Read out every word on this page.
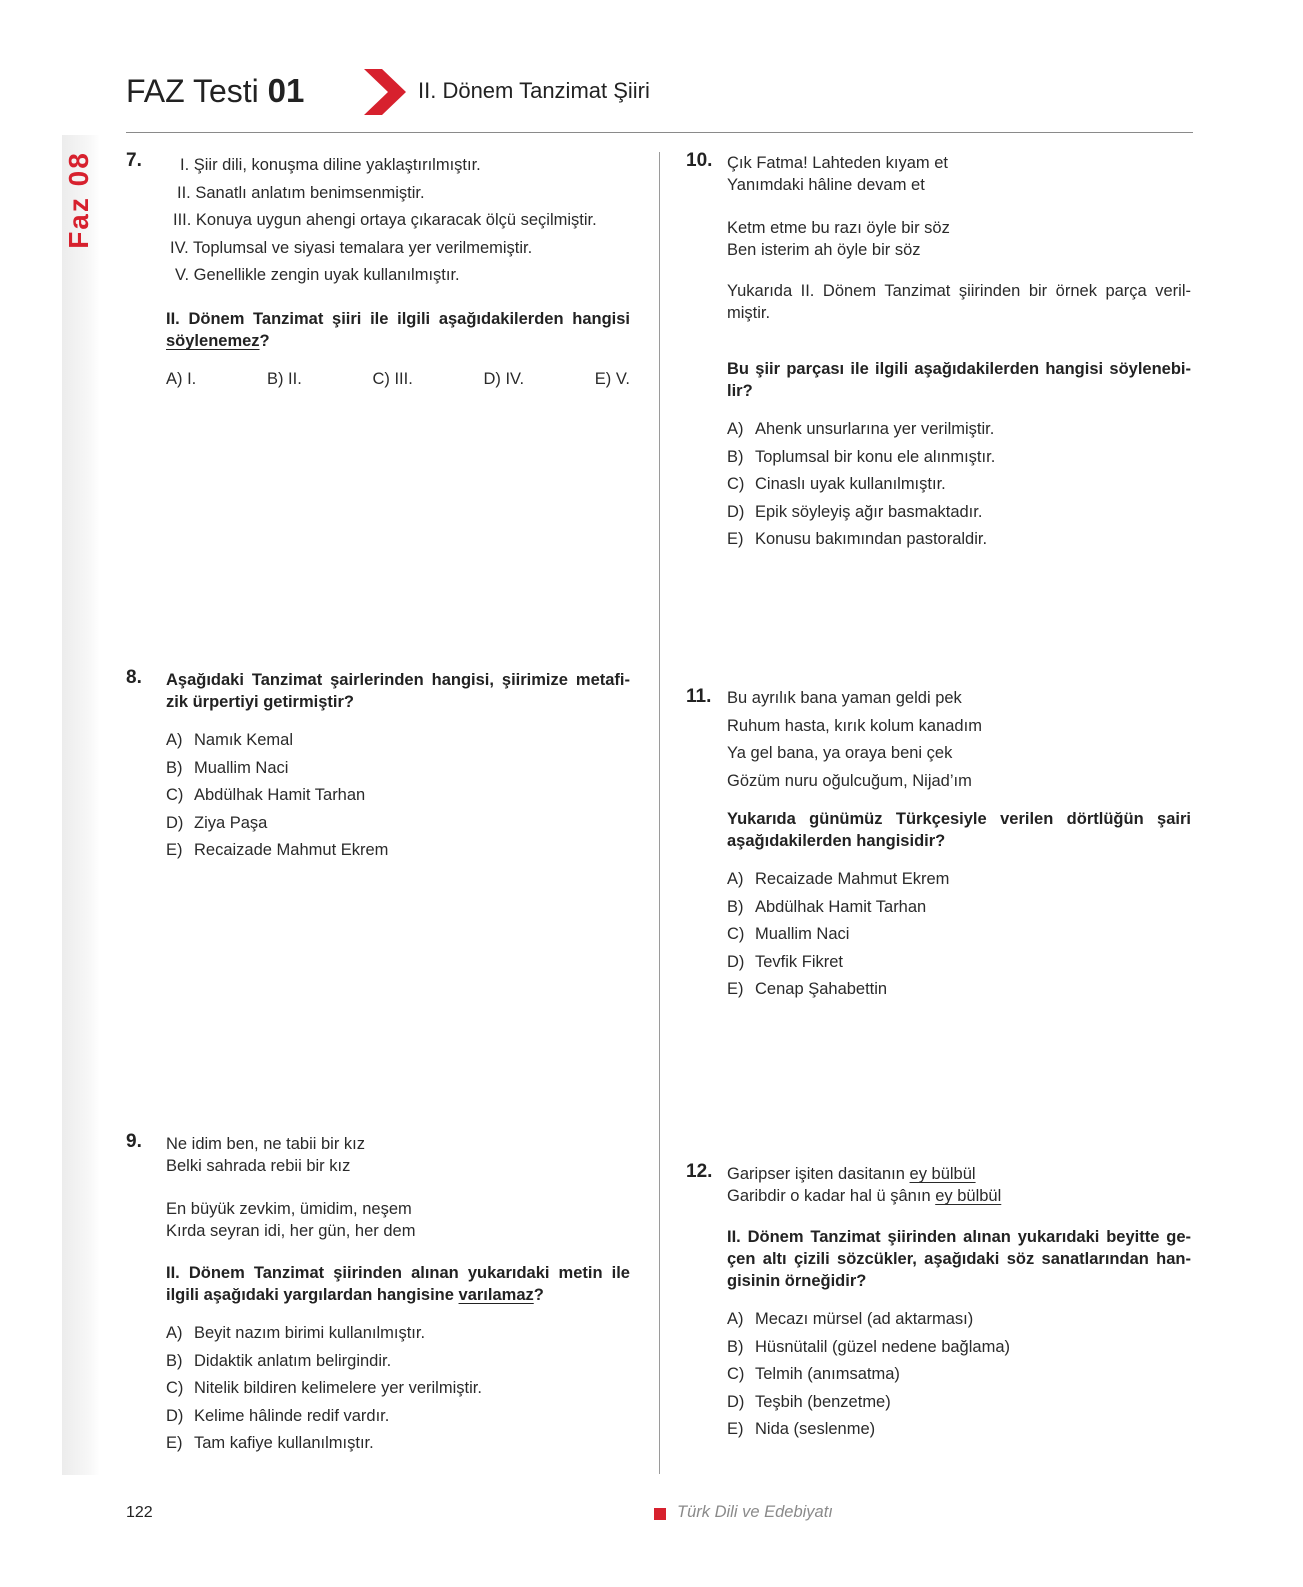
Faz 08
FAZ Testi 01	II. Dönem Tanzimat Şiiri
7.	I. Şiir dili, konuşma diline yaklaştırılmıştır.
II. Sanatlı anlatım benimsenmiştir.
III. Konuya uygun ahengi ortaya çıkaracak ölçü seçilmiştir.
IV. Toplumsal ve siyasi temalara yer verilmemiştir.
V. Genellikle zengin uyak kullanılmıştır.
II. Dönem Tanzimat şiiri ile ilgili aşağıdakilerden hangisi söylenemez?
A) I.	B) II.	C) III.	D) IV.	E) V.
8. Aşağıdaki Tanzimat şairlerinden hangisi, şiirimize metafi- zik ürpertiyi getirmiştir?
A) Namık Kemal
B) Muallim Naci
C) Abdülhak Hamit Tarhan
D) Ziya Paşa
E) Recaizade Mahmut Ekrem
9. Ne idim ben, ne tabii bir kız
Belki sahrada rebii bir kız
En büyük zevkim, ümidim, neşem
Kırda seyran idi, her gün, her dem
II. Dönem Tanzimat şiirinden alınan yukarıdaki metin ile ilgili aşağıdaki yargılardan hangisine varılamaz?
A) Beyit nazım birimi kullanılmıştır.
B) Didaktik anlatım belirgindir.
C) Nitelik bildiren kelimelere yer verilmiştir.
D) Kelime hâlinde redif vardır.
E) Tam kafiye kullanılmıştır.
10. Çık Fatma! Lahteden kıyam et
Yanımdaki hâline devam et
Ketm etme bu razı öyle bir söz
Ben isterim ah öyle bir söz
Yukarıda II. Dönem Tanzimat şiirinden bir örnek parça veril- miştir.
Bu şiir parçası ile ilgili aşağıdakilerden hangisi söylenebi- lir?
A) Ahenk unsurlarına yer verilmiştir.
B) Toplumsal bir konu ele alınmıştır.
C) Cinaslı uyak kullanılmıştır.
D) Epik söyleyiş ağır basmaktadır.
E) Konusu bakımından pastoraldir.
11. Bu ayrılık bana yaman geldi pek
Ruhum hasta, kırık kolum kanadım
Ya gel bana, ya oraya beni çek
Gözüm nuru oğulcuğum, Nijad’ım
Yukarıda günümüz Türkçesiyle verilen dörtlüğün şairi aşağıdakilerden hangisidir?
A) Recaizade Mahmut Ekrem
B) Abdülhak Hamit Tarhan
C) Muallim Naci
D) Tevfik Fikret
E) Cenap Şahabettin
12. Garipser işiten dasitanın ey bülbül
Garibdir o kadar hal ü şânın ey bülbül
II. Dönem Tanzimat şiirinden alınan yukarıdaki beyitte ge- çen altı çizili sözcükler, aşağıdaki söz sanatlarından han- gisinin örneğidir?
A) Mecazı mürsel (ad aktarması)
B) Hüsnütalil (güzel nedene bağlama)
C) Telmih (anımsatma)
D) Teşbih (benzetme)
E) Nida (seslenme)
122	Türk Dili ve Edebiyatı
